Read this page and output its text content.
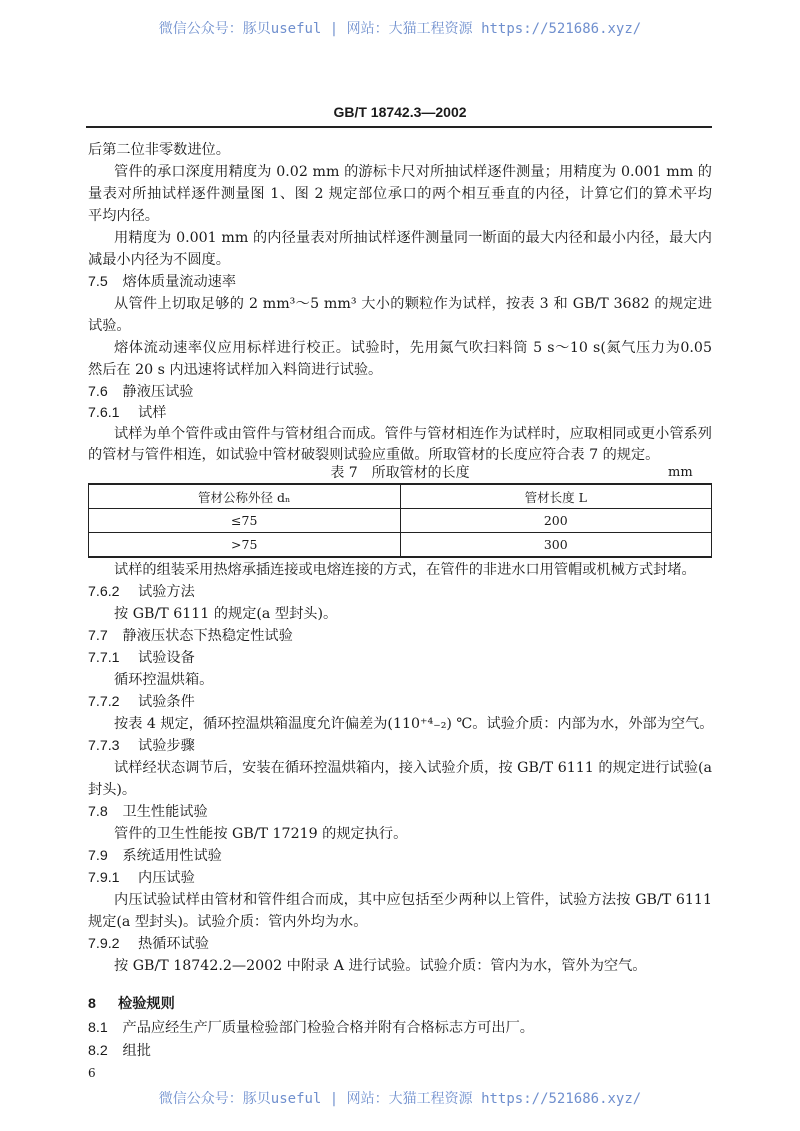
微信公众号：豚贝useful | 网站：大猫工程资源 https://521686.xyz/
GB/T 18742.3—2002
后第二位非零数进位。
管件的承口深度用精度为 0.02 mm 的游标卡尺对所抽试样逐件测量；用精度为 0.001 mm 的
量表对所抽试样逐件测量图 1、图 2 规定部位承口的两个相互垂直的内径，计算它们的算术平均
平均内径。
用精度为 0.001 mm 的内径量表对所抽试样逐件测量同一断面的最大内径和最小内径，最大内
减最小内径为不圆度。
7.5 熔体质量流动速率
从管件上切取足够的 2 mm³～5 mm³ 大小的颗粒作为试样，按表 3 和 GB/T 3682 的规定进
试验。
熔体流动速率仪应用标样进行校正。试验时，先用氮气吹扫料筒 5 s～10 s(氮气压力为0.05
然后在 20 s 内迅速将试样加入料筒进行试验。
7.6 静液压试验
7.6.1 试样
试样为单个管件或由管件与管材组合而成。管件与管材相连作为试样时，应取相同或更小管系列
的管材与管件相连，如试验中管材破裂则试验应重做。所取管材的长度应符合表 7 的规定。
表 7　所取管材的长度	mm
管材公称外径 dₙ	管材长度 L
≤75	200
>75	300
试样的组装采用热熔承插连接或电熔连接的方式，在管件的非进水口用管帽或机械方式封堵。
7.6.2 试验方法
按 GB/T 6111 的规定(a 型封头)。
7.7 静液压状态下热稳定性试验
7.7.1 试验设备
循环控温烘箱。
7.7.2 试验条件
按表 4 规定，循环控温烘箱温度允许偏差为(110⁺⁴₋₂) ℃。试验介质：内部为水，外部为空气。
7.7.3 试验步骤
试样经状态调节后，安装在循环控温烘箱内，接入试验介质，按 GB/T 6111 的规定进行试验(a
封头)。
7.8 卫生性能试验
管件的卫生性能按 GB/T 17219 的规定执行。
7.9 系统适用性试验
7.9.1 内压试验
内压试验试样由管材和管件组合而成，其中应包括至少两种以上管件，试验方法按 GB/T 6111
规定(a 型封头)。试验介质：管内外均为水。
7.9.2 热循环试验
按 GB/T 18742.2—2002 中附录 A 进行试验。试验介质：管内为水，管外为空气。
8 检验规则
8.1 产品应经生产厂质量检验部门检验合格并附有合格标志方可出厂。
8.2 组批
6
微信公众号：豚贝useful | 网站：大猫工程资源 https://521686.xyz/
